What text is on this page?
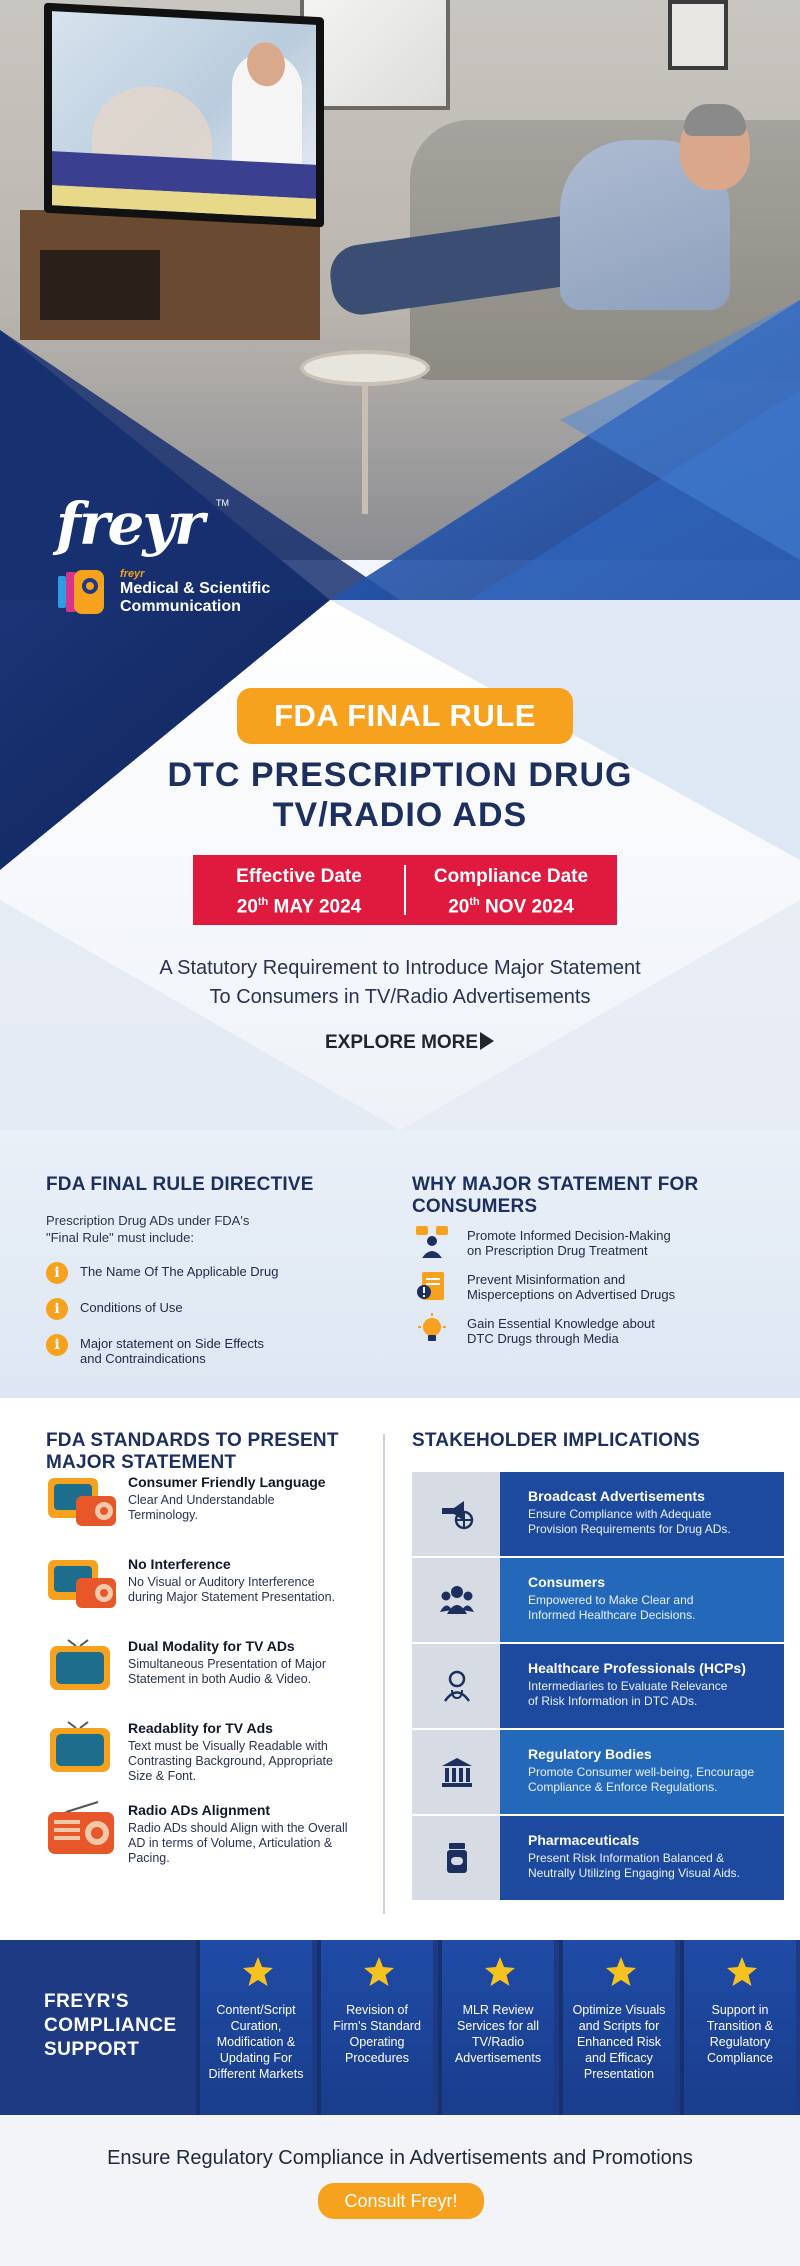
freyr TM
freyr
Medical & Scientific
Communication
FDA FINAL RULE
DTC PRESCRIPTION DRUG
TV/RADIO ADS
Effective Date
20th MAY 2024
Compliance Date
20th NOV 2024
A Statutory Requirement to Introduce Major Statement
To Consumers in TV/Radio Advertisements
EXPLORE MORE
FDA FINAL RULE DIRECTIVE
Prescription Drug ADs under FDA's
"Final Rule" must include:
i	The Name Of The Applicable Drug
i	Conditions of Use
i	Major statement on Side Effects
and Contraindications
WHY MAJOR STATEMENT FOR
CONSUMERS
Promote Informed Decision-Making
on Prescription Drug Treatment
Prevent Misinformation and
Misperceptions on Advertised Drugs
Gain Essential Knowledge about
DTC Drugs through Media
FDA STANDARDS TO PRESENT
MAJOR STATEMENT
Consumer Friendly Language
Clear And Understandable
Terminology.
No Interference
No Visual or Auditory Interference
during Major Statement Presentation.
Dual Modality for TV ADs
Simultaneous Presentation of Major
Statement in both Audio & Video.
Readablity for TV Ads
Text must be Visually Readable with
Contrasting Background, Appropriate
Size & Font.
Radio ADs Alignment
Radio ADs should Align with the Overall
AD in terms of Volume, Articulation &
Pacing.
STAKEHOLDER IMPLICATIONS
Broadcast Advertisements
Ensure Compliance with Adequate
Provision Requirements for Drug ADs.
Consumers
Empowered to Make Clear and
Informed Healthcare Decisions.
Healthcare Professionals (HCPs)
Intermediaries to Evaluate Relevance
of Risk Information in DTC ADs.
Regulatory Bodies
Promote Consumer well-being, Encourage
Compliance & Enforce Regulations.
Pharmaceuticals
Present Risk Information Balanced &
Neutrally Utilizing Engaging Visual Aids.
FREYR'S
COMPLIANCE
SUPPORT
Content/Script
Curation,
Modification &
Updating For
Different Markets
Revision of
Firm's Standard
Operating
Procedures
MLR Review
Services for all
TV/Radio
Advertisements
Optimize Visuals
and Scripts for
Enhanced Risk
and Efficacy
Presentation
Support in
Transition &
Regulatory
Compliance
Ensure Regulatory Compliance in Advertisements and Promotions
Consult Freyr!
